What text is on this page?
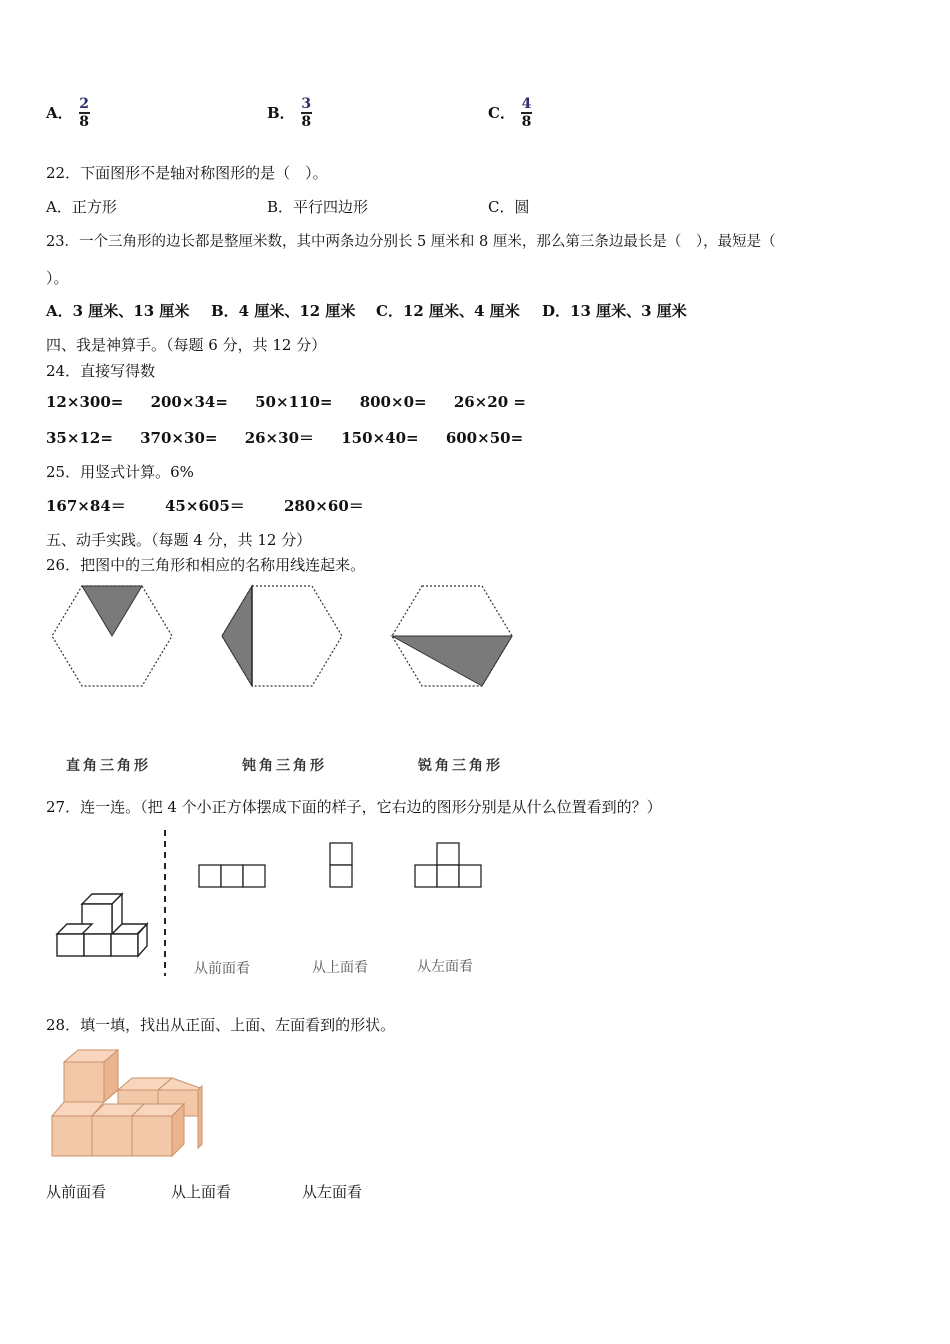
A． $\frac{2}{8}$	B． $\frac{3}{8}$	C． $\frac{4}{8}$
22．下面图形不是轴对称图形的是（　）。
A．正方形	B．平行四边形	C．圆
23．一个三角形的边长都是整厘米数，其中两条边分别长 5 厘米和 8 厘米，那么第三条边最长是（　），最短是（
）。
A．3 厘米、13 厘米 B．4 厘米、12 厘米 C．12 厘米、4 厘米 D．13 厘米、3 厘米
四、我是神算手。（每题 6 分，共 12 分）
24．直接写得数
12×300= 200×34= 50×110= 800×0= 26×20 =
35×12= 370×30= 26×30＝ 150×40= 600×50=
25．用竖式计算。6%
167×84＝	45×605＝	280×60＝
五、动手实践。（每题 4 分，共 12 分）
26．把图中的三角形和相应的名称用线连起来。
直角三角形	钝角三角形	锐角三角形
27．连一连。（把 4 个小正方体摆成下面的样子，它右边的图形分别是从什么位置看到的？）
从前面看	从上面看	从左面看
28．填一填，找出从正面、上面、左面看到的形状。
从前面看	从上面看	从左面看
